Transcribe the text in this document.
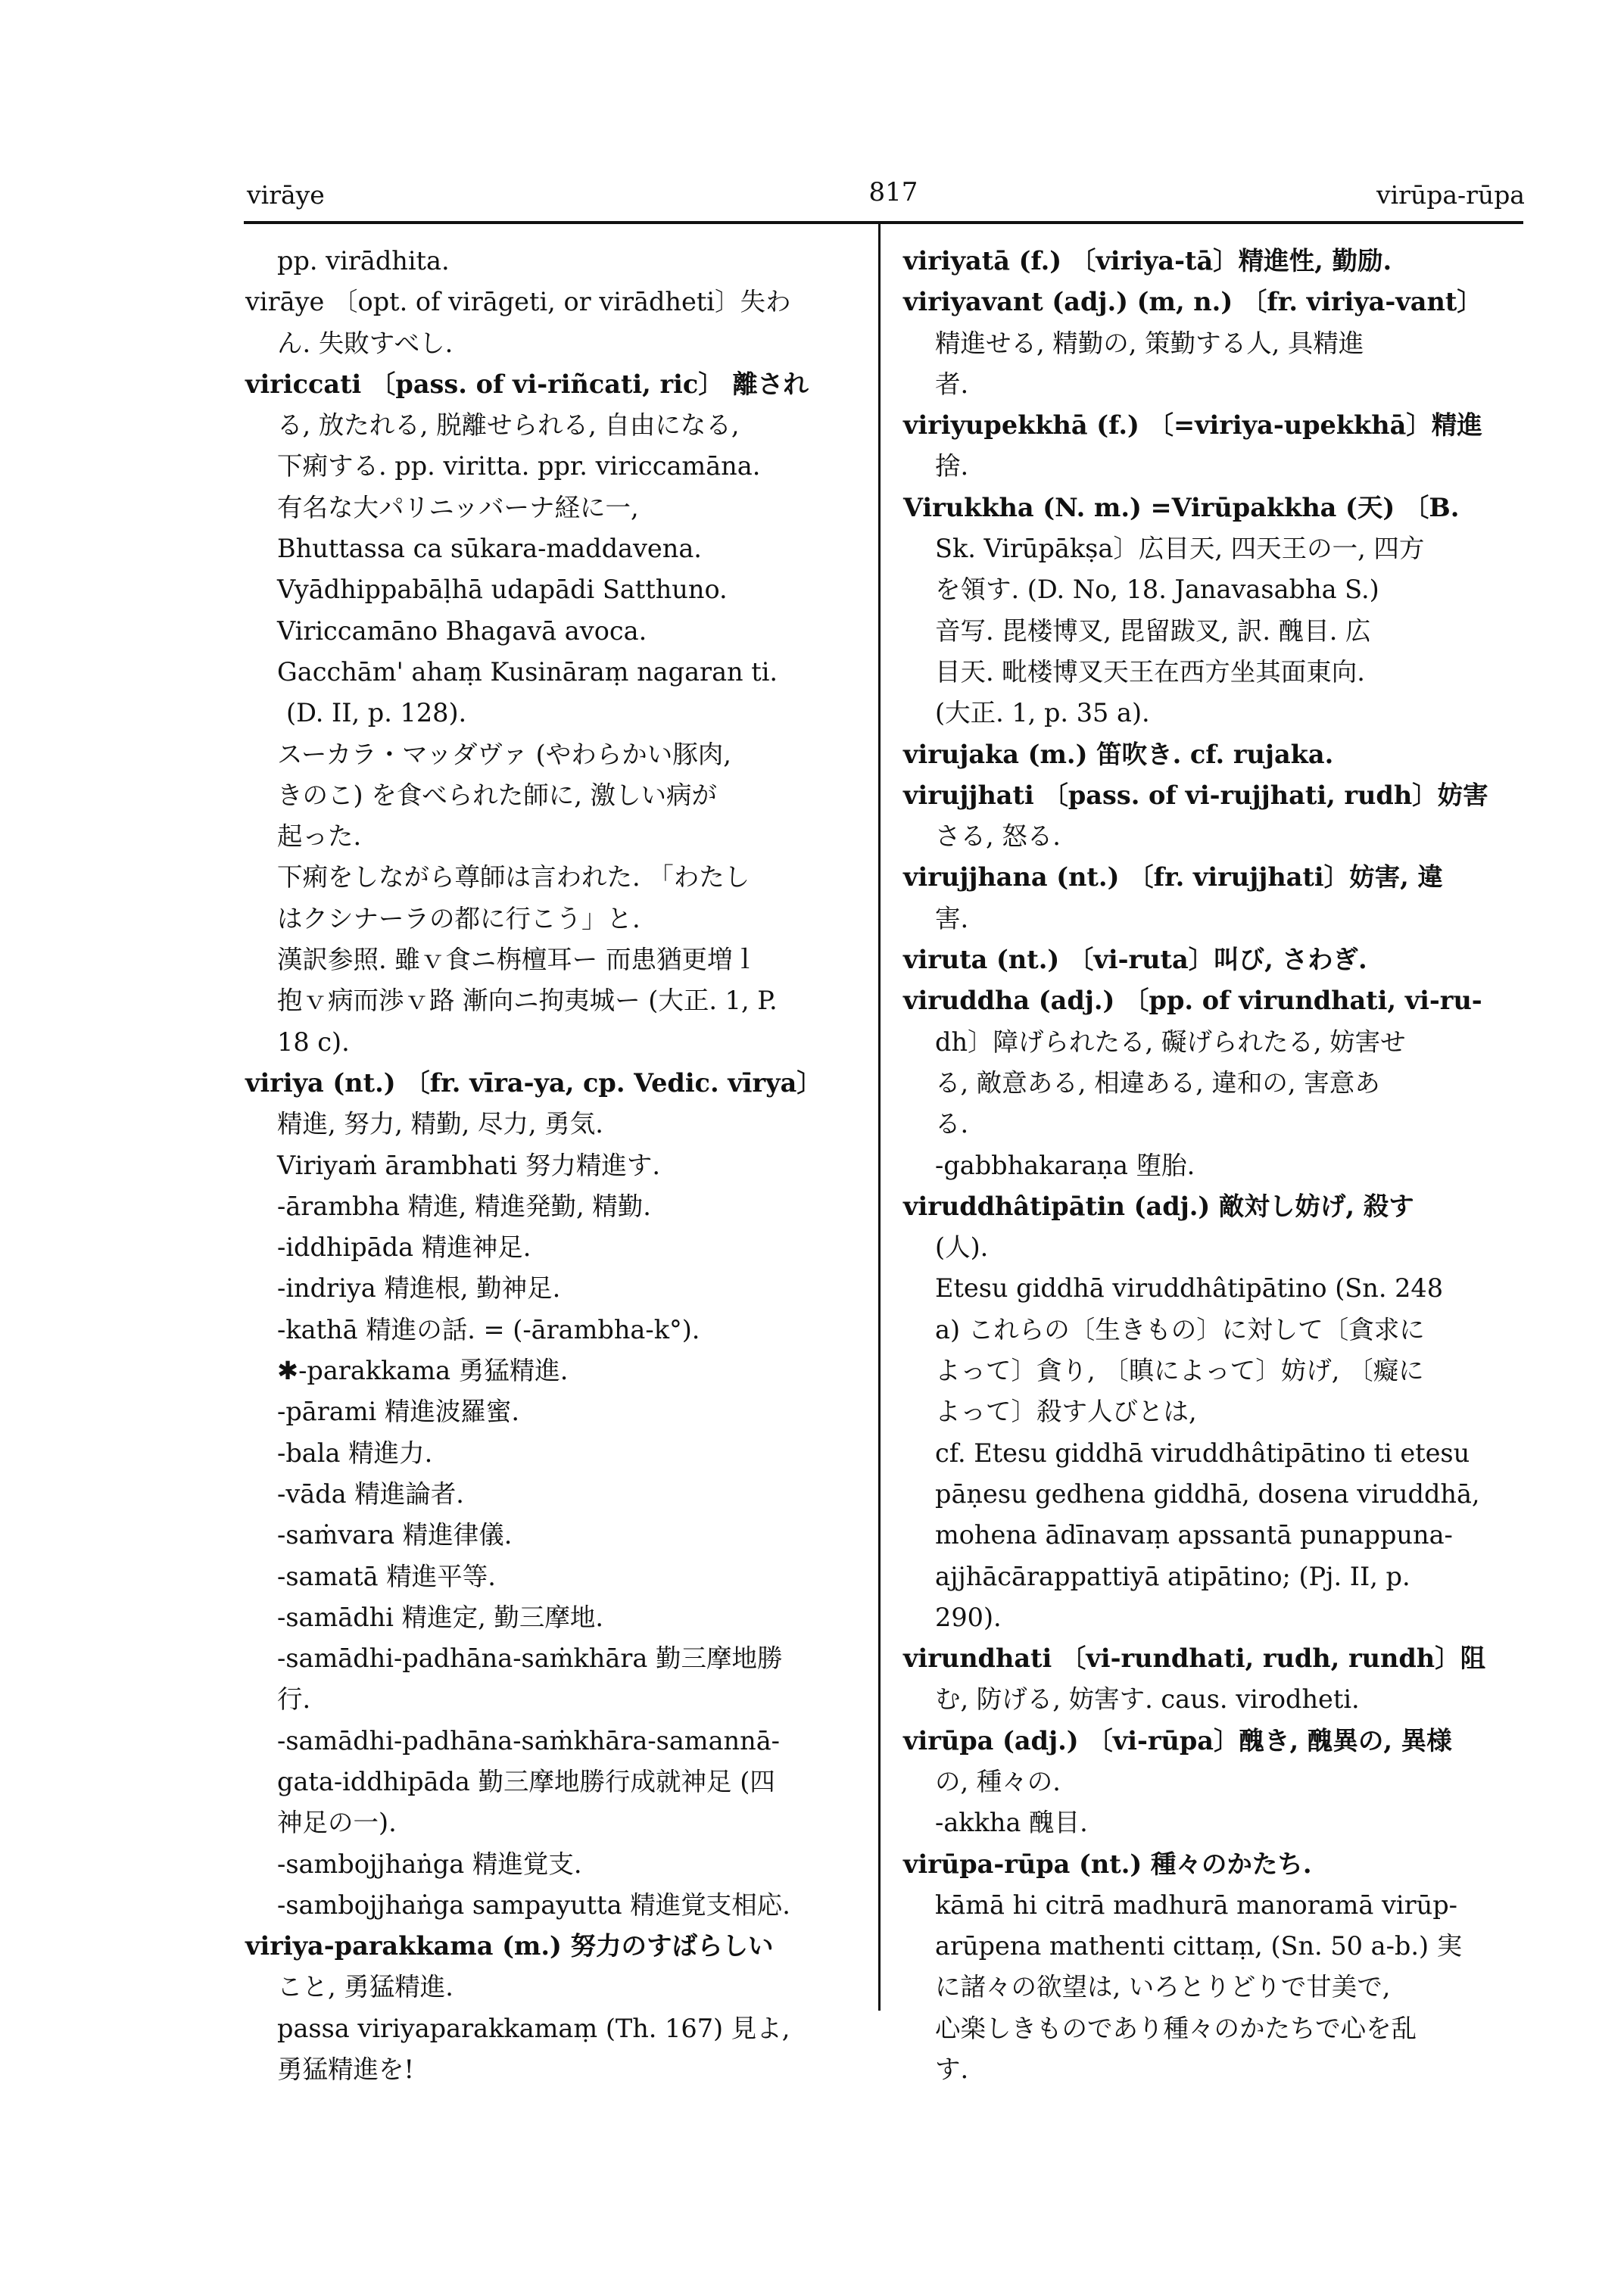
virāye	817	virūpa-rūpa
pp. virādhita.
virāye 〔opt. of virāgeti, or virādheti〕失わ
ん. 失敗すべし.
viriccati 〔pass. of vi-riñcati, ric〕 離され
る, 放たれる, 脱離せられる, 自由になる,
下痢する. pp. viritta. ppr. viriccamāna.
有名な大パリニッバーナ経に一,
Bhuttassa ca sūkara-maddavena.
Vyādhippabāḷhā udapādi Satthuno.
Viriccamāno Bhagavā avoca.
Gacchām' ahaṃ Kusināraṃ nagaran ti.
(D. II, p. 128).
スーカラ・マッダヴァ (やわらかい豚肉,
きのこ) を食べられた師に, 激しい病が
起った.
下痢をしながら尊師は言われた. 「わたし
はクシナーラの都に行こう」と.
漢訳参照. 雖ｖ食ニ栴檀耳ー 而患猶更増ｌ
抱ｖ病而渉ｖ路 漸向ニ拘夷城ー (大正. 1, P.
18 c).
viriya (nt.) 〔fr. vīra-ya, cp. Vedic. vīrya〕
精進, 努力, 精勤, 尽力, 勇気.
Viriyaṁ ārambhati 努力精進す.
-ārambha 精進, 精進発勤, 精勤.
-iddhipāda 精進神足.
-indriya 精進根, 勤神足.
-kathā 精進の話. = (-ārambha-k°).
✱-parakkama 勇猛精進.
-pārami 精進波羅蜜.
-bala 精進力.
-vāda 精進論者.
-saṁvara 精進律儀.
-samatā 精進平等.
-samādhi 精進定, 勤三摩地.
-samādhi-padhāna-saṁkhāra 勤三摩地勝
行.
-samādhi-padhāna-saṁkhāra-samannā-
gata-iddhipāda 勤三摩地勝行成就神足 (四
神足の一).
-sambojjhaṅga 精進覚支.
-sambojjhaṅga sampayutta 精進覚支相応.
viriya-parakkama (m.) 努力のすばらしい
こと, 勇猛精進.
passa viriyaparakkamaṃ (Th. 167) 見よ,
勇猛精進を!
viriyatā (f.) 〔viriya-tā〕精進性, 勤励.
viriyavant (adj.) (m, n.) 〔fr. viriya-vant〕
精進せる, 精勤の, 策勤する人, 具精進
者.
viriyupekkhā (f.) 〔=viriya-upekkhā〕精進
捨.
Virukkha (N. m.) =Virūpakkha (天) 〔B.
Sk. Virūpākṣa〕広目天, 四天王の一, 四方
を領す. (D. No, 18. Janavasabha S.)
音写. 毘楼博叉, 毘留跋叉, 訳. 醜目. 広
目天. 毗楼博叉天王在西方坐其面東向.
(大正. 1, p. 35 a).
virujaka (m.) 笛吹き. cf. rujaka.
virujjhati 〔pass. of vi-rujjhati, rudh〕妨害
さる, 怒る.
virujjhana (nt.) 〔fr. virujjhati〕妨害, 違
害.
viruta (nt.) 〔vi-ruta〕叫び, さわぎ.
viruddha (adj.) 〔pp. of virundhati, vi-ru-
dh〕障げられたる, 礙げられたる, 妨害せ
る, 敵意ある, 相違ある, 違和の, 害意あ
る.
-gabbhakaraṇa 堕胎.
viruddhâtipātin (adj.) 敵対し妨げ, 殺す
(人).
Etesu giddhā viruddhâtipātino (Sn. 248
a) これらの〔生きもの〕に対して〔貪求に
よって〕貪り, 〔瞋によって〕妨げ, 〔癡に
よって〕殺す人びとは,
cf. Etesu giddhā viruddhâtipātino ti etesu
pāṇesu gedhena giddhā, dosena viruddhā,
mohena ādīnavaṃ apssantā punappuna-
ajjhācārappattiyā atipātino; (Pj. II, p.
290).
virundhati 〔vi-rundhati, rudh, rundh〕阻
む, 防げる, 妨害す. caus. virodheti.
virūpa (adj.) 〔vi-rūpa〕醜き, 醜異の, 異様
の, 種々の.
-akkha 醜目.
virūpa-rūpa (nt.) 種々のかたち.
kāmā hi citrā madhurā manoramā virūp-
arūpena mathenti cittaṃ, (Sn. 50 a-b.) 実
に諸々の欲望は, いろとりどりで甘美で,
心楽しきものであり種々のかたちで心を乱
す.
